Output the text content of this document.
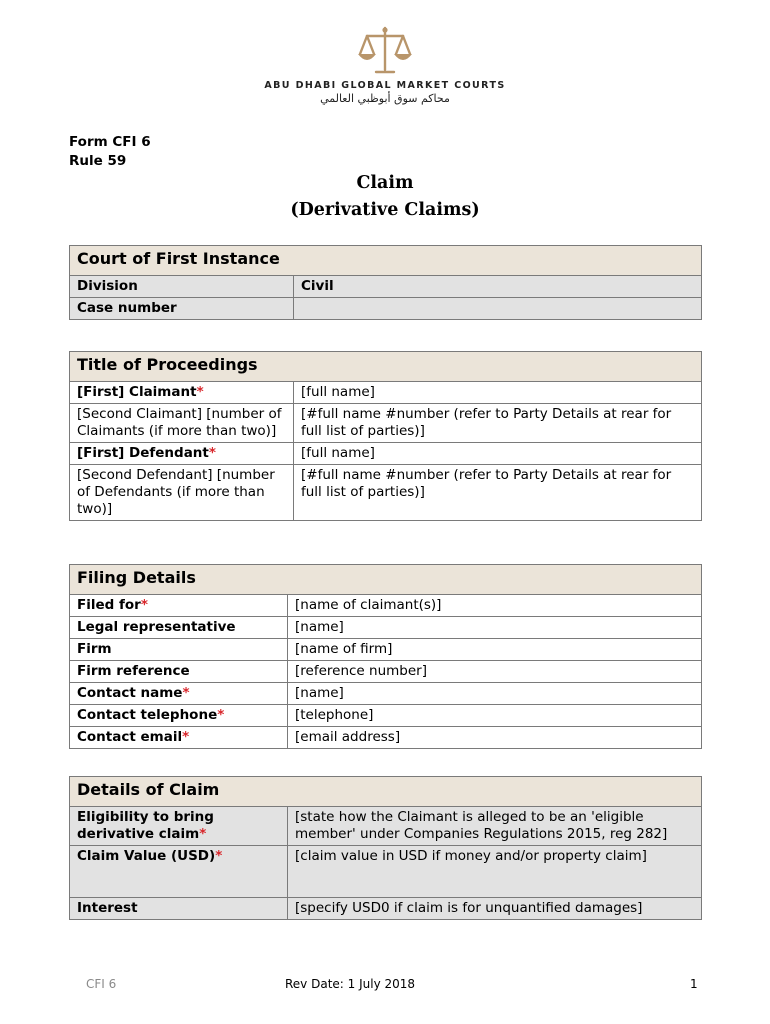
ABU DHABI GLOBAL MARKET COURTS
محاكم سوق أبوظبي العالمي
Form CFI 6
Rule 59
Claim
(Derivative Claims)
Court of First Instance	
Division	Civil
Case number	
Title of Proceedings	
[First] Claimant*	[full name]
[Second Claimant] [number of Claimants (if more than two)]	[#full name #number (refer to Party Details at rear for full list of parties)]
[First] Defendant*	[full name]
[Second Defendant] [number of Defendants (if more than two)]	[#full name #number (refer to Party Details at rear for full list of parties)]
Filing Details	
Filed for*	[name of claimant(s)]
Legal representative	[name]
Firm	[name of firm]
Firm reference	[reference number]
Contact name*	[name]
Contact telephone*	[telephone]
Contact email*	[email address]
Details of Claim	
Eligibility to bring derivative claim*	[state how the Claimant is alleged to be an 'eligible member' under Companies Regulations 2015, reg 282]
Claim Value (USD)*	[claim value in USD if money and/or property claim]
Interest	[specify USD0 if claim is for unquantified damages]
CFI 6	Rev Date: 1 July 2018	1
